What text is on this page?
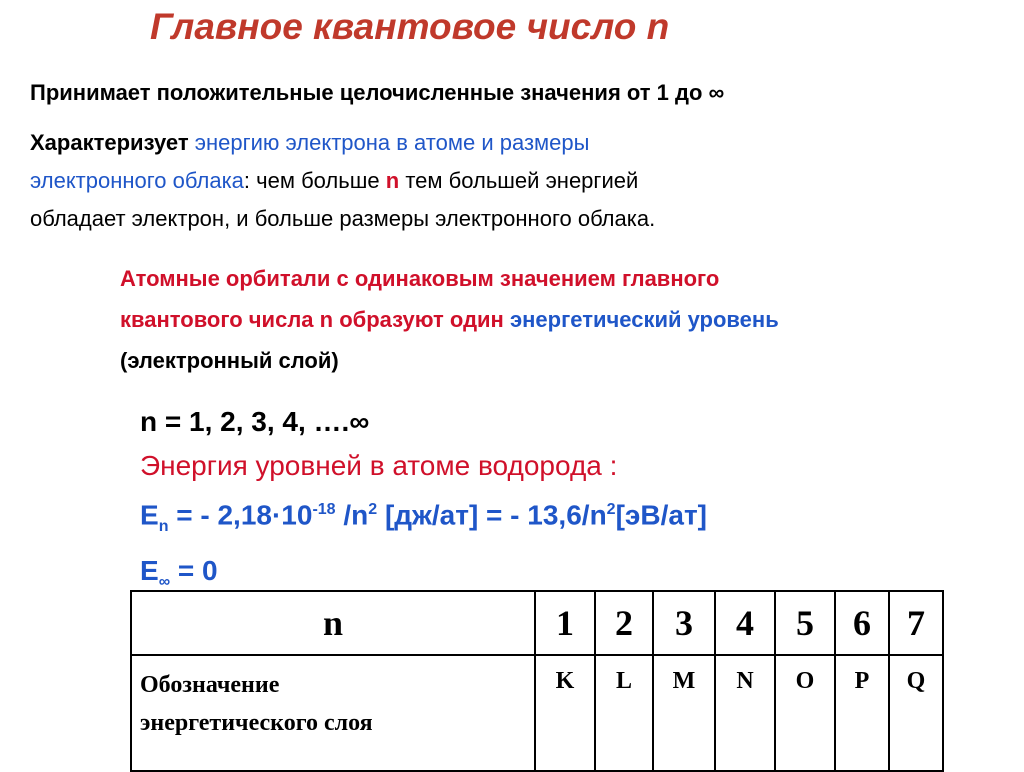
Главное квантовое число n
Принимает положительные целочисленные значения от 1 до ∞
Характеризует энергию электрона в атоме и размеры
электронного облака: чем больше n тем большей энергией
обладает электрон, и больше размеры электронного облака.
Атомные орбитали с одинаковым значением главного
квантового числа n образуют один энергетический уровень
(электронный слой)
n = 1, 2, 3, 4, ….∞
Энергия уровней в атоме водорода :
$E_n$ = - $2,18\cdot 10^{-18}$ $/n^2$ [дж/ат] = - $13,6/n^2[эВ/ат]$
$E_\infty = 0$
n	1	2	3	4	5	6	7
Обозначение
энергетического слоя	K	L	M	N	O	P	Q
